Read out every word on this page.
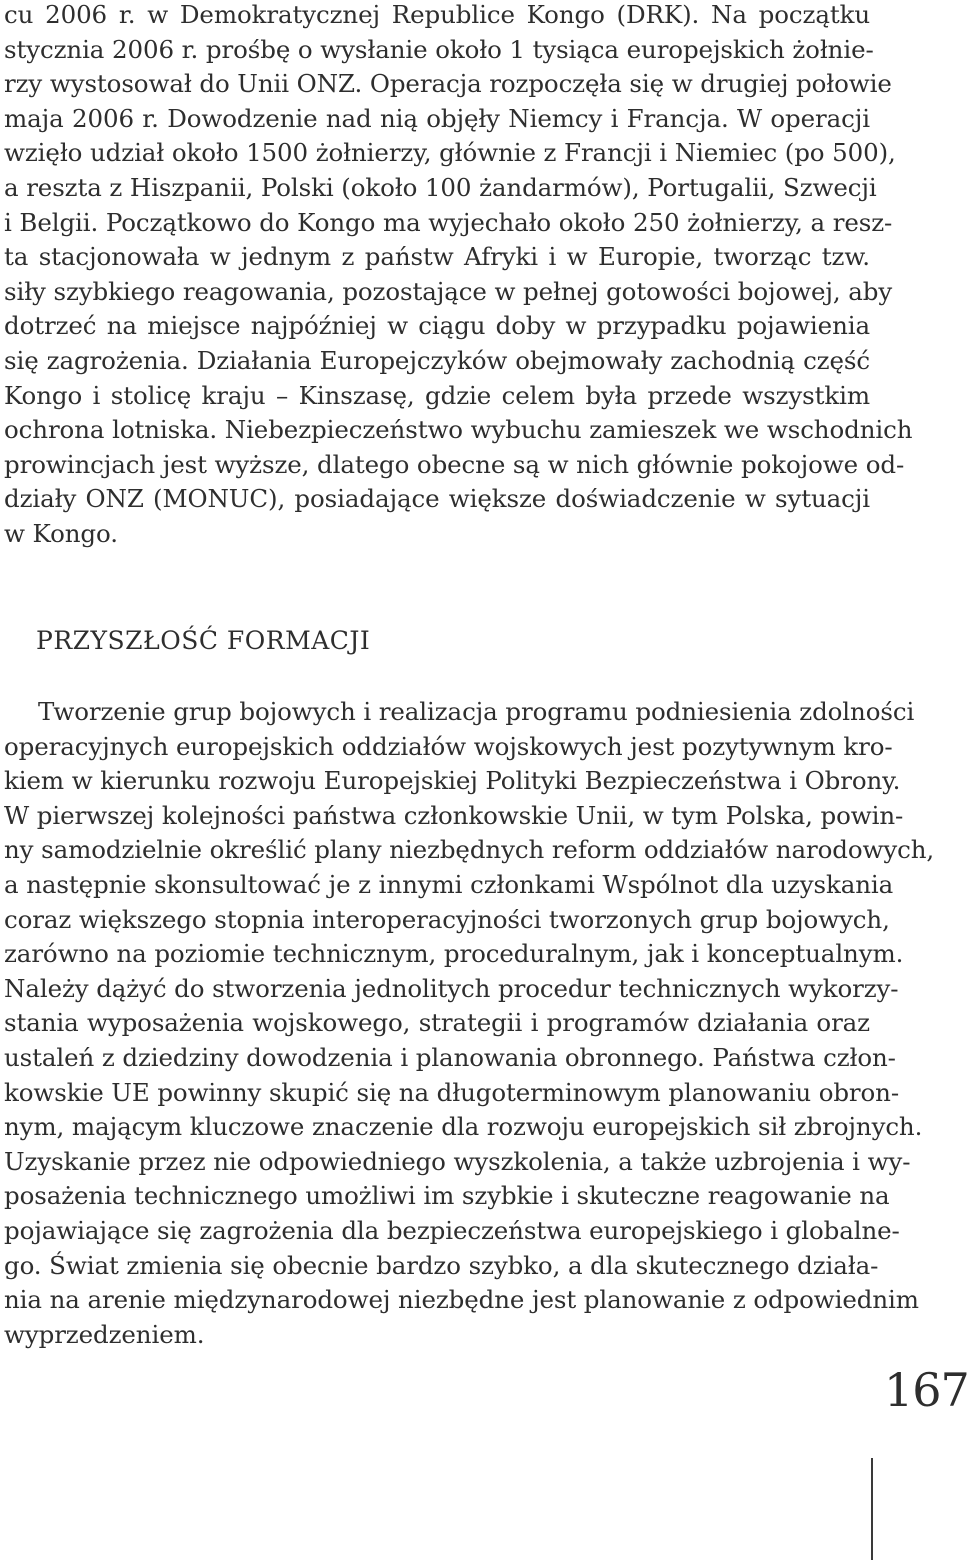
cu 2006 r. w Demokratycznej Republice Kongo (DRK). Na początku
stycznia 2006 r. prośbę o wysłanie około 1 tysiąca europejskich żołnie-
rzy wystosował do Unii ONZ. Operacja rozpoczęła się w drugiej połowie
maja 2006 r. Dowodzenie nad nią objęły Niemcy i Francja. W operacji
wzięło udział około 1500 żołnierzy, głównie z Francji i Niemiec (po 500),
a reszta z Hiszpanii, Polski (około 100 żandarmów), Portugalii, Szwecji
i Belgii. Początkowo do Kongo ma wyjechało około 250 żołnierzy, a resz-
ta stacjonowała w jednym z państw Afryki i w Europie, tworząc tzw.
siły szybkiego reagowania, pozostające w pełnej gotowości bojowej, aby
dotrzeć na miejsce najpóźniej w ciągu doby w przypadku pojawienia
się zagrożenia. Działania Europejczyków obejmowały zachodnią część
Kongo i stolicę kraju – Kinszasę, gdzie celem była przede wszystkim
ochrona lotniska. Niebezpieczeństwo wybuchu zamieszek we wschodnich
prowincjach jest wyższe, dlatego obecne są w nich głównie pokojowe od-
działy ONZ (MONUC), posiadające większe doświadczenie w sytuacji
w Kongo.
PRZYSZŁOŚĆ FORMACJI
Tworzenie grup bojowych i realizacja programu podniesienia zdolności
operacyjnych europejskich oddziałów wojskowych jest pozytywnym kro-
kiem w kierunku rozwoju Europejskiej Polityki Bezpieczeństwa i Obrony.
W pierwszej kolejności państwa członkowskie Unii, w tym Polska, powin-
ny samodzielnie określić plany niezbędnych reform oddziałów narodowych,
a następnie skonsultować je z innymi członkami Wspólnot dla uzyskania
coraz większego stopnia interoperacyjności tworzonych grup bojowych,
zarówno na poziomie technicznym, proceduralnym, jak i konceptualnym.
Należy dążyć do stworzenia jednolitych procedur technicznych wykorzy-
stania wyposażenia wojskowego, strategii i programów działania oraz
ustaleń z dziedziny dowodzenia i planowania obronnego. Państwa człon-
kowskie UE powinny skupić się na długoterminowym planowaniu obron-
nym, mającym kluczowe znaczenie dla rozwoju europejskich sił zbrojnych.
Uzyskanie przez nie odpowiedniego wyszkolenia, a także uzbrojenia i wy-
posażenia technicznego umożliwi im szybkie i skuteczne reagowanie na
pojawiające się zagrożenia dla bezpieczeństwa europejskiego i globalne-
go. Świat zmienia się obecnie bardzo szybko, a dla skutecznego działa-
nia na arenie międzynarodowej niezbędne jest planowanie z odpowiednim
wyprzedzeniem.
167
